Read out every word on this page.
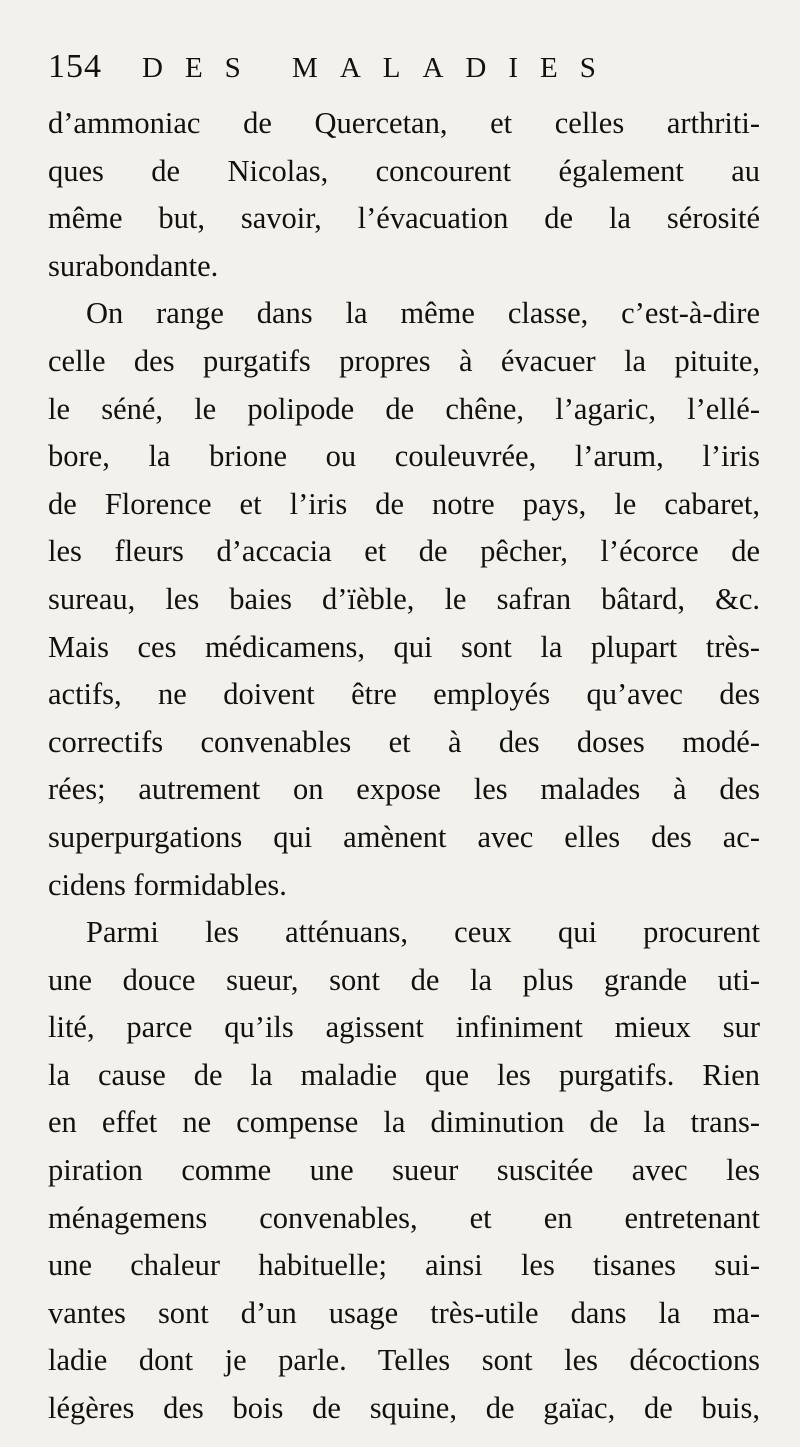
154 DES MALADIES
d’ammoniac de Quercetan, et celles arthriti-
ques de Nicolas, concourent également au
même but, savoir, l’évacuation de la sérosité
surabondante.
On range dans la même classe, c’est-à-dire
celle des purgatifs propres à évacuer la pituite,
le séné, le polipode de chêne, l’agaric, l’ellé-
bore, la brione ou couleuvrée, l’arum, l’iris
de Florence et l’iris de notre pays, le cabaret,
les fleurs d’accacia et de pêcher, l’écorce de
sureau, les baies d’ïèble, le safran bâtard, &c.
Mais ces médicamens, qui sont la plupart très-
actifs, ne doivent être employés qu’avec des
correctifs convenables et à des doses modé-
rées; autrement on expose les malades à des
superpurgations qui amènent avec elles des ac-
cidens formidables.
Parmi les atténuans, ceux qui procurent
une douce sueur, sont de la plus grande uti-
lité, parce qu’ils agissent infiniment mieux sur
la cause de la maladie que les purgatifs. Rien
en effet ne compense la diminution de la trans-
piration comme une sueur suscitée avec les
ménagemens convenables, et en entretenant
une chaleur habituelle; ainsi les tisanes sui-
vantes sont d’un usage très-utile dans la ma-
ladie dont je parle. Telles sont les décoctions
légères des bois de squine, de gaïac, de buis,
